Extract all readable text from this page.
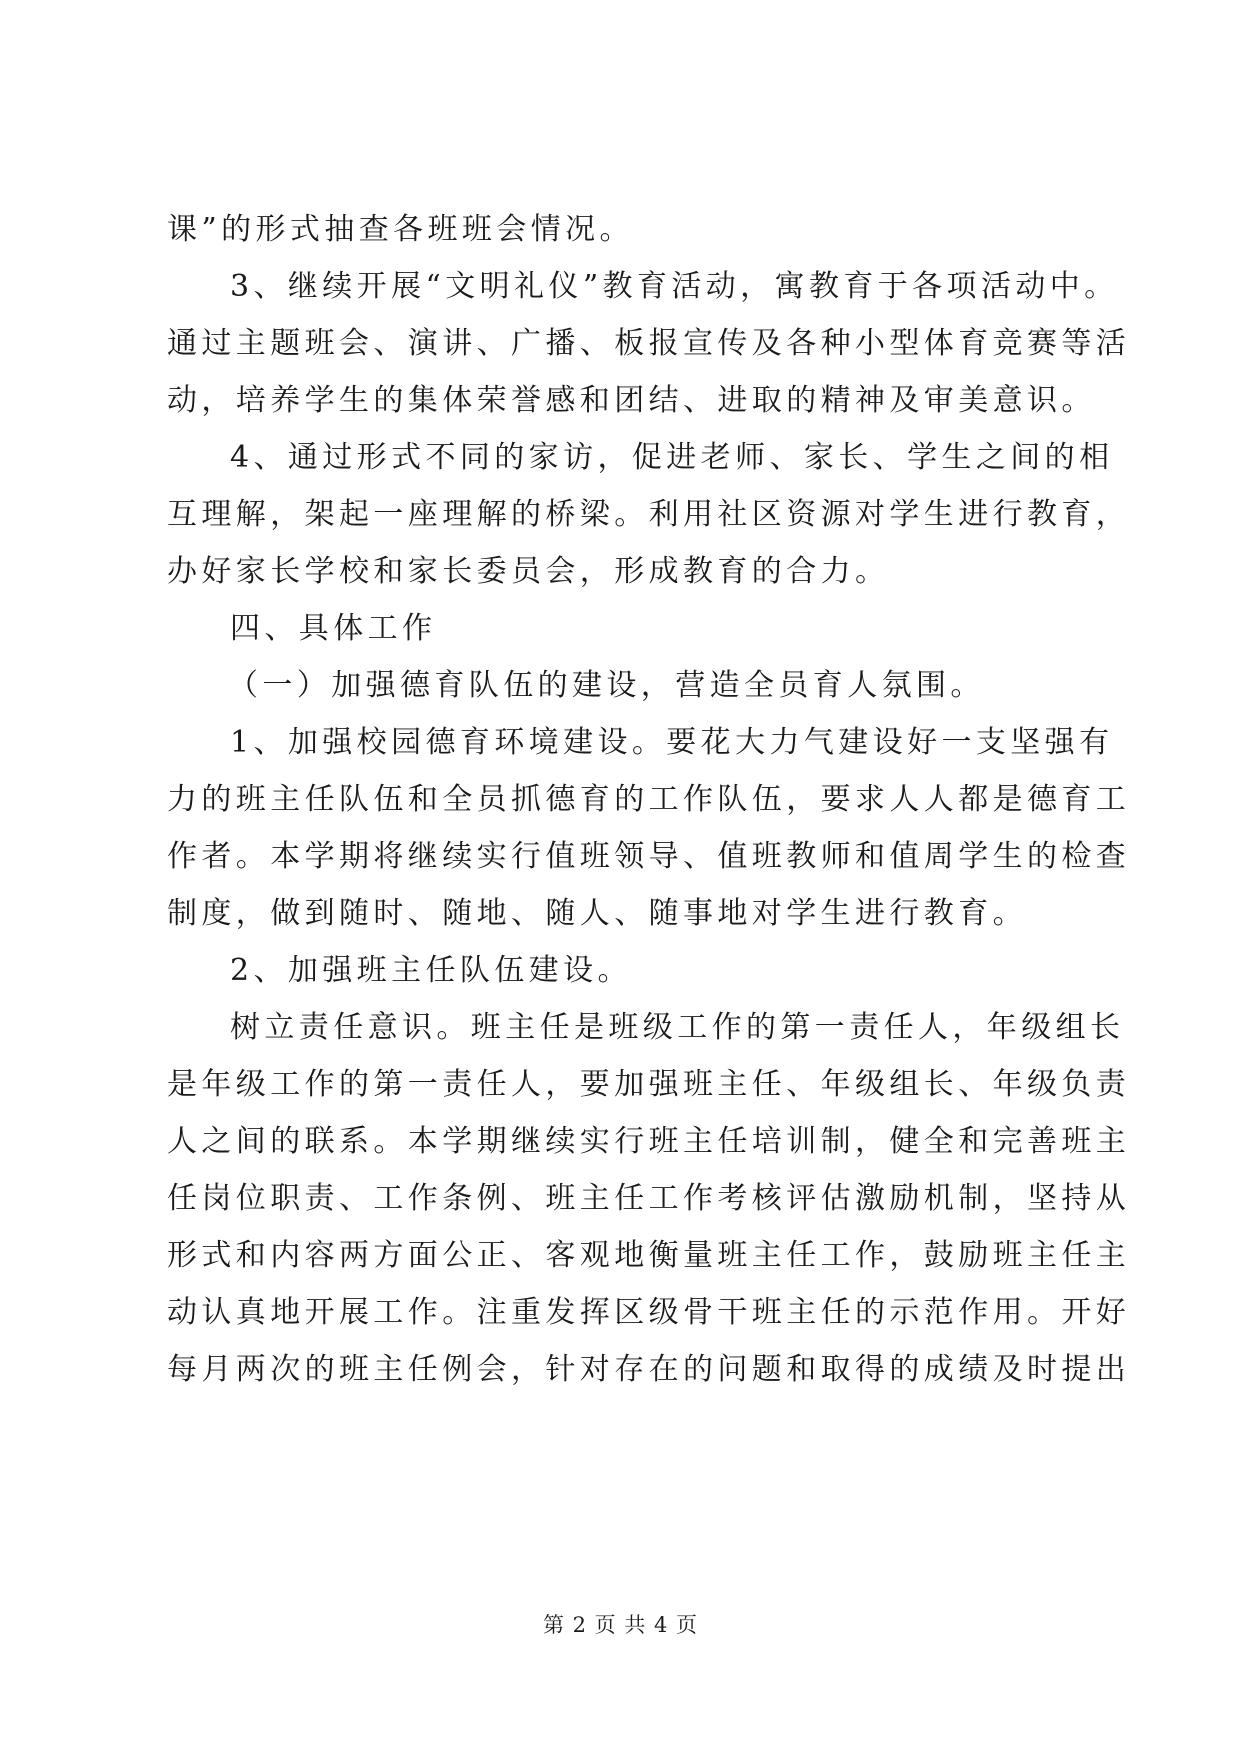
课”的形式抽查各班班会情况。
3、继续开展“文明礼仪”教育活动，寓教育于各项活动中。
通过主题班会、演讲、广播、板报宣传及各种小型体育竞赛等活
动，培养学生的集体荣誉感和团结、进取的精神及审美意识。
4、通过形式不同的家访，促进老师、家长、学生之间的相
互理解，架起一座理解的桥梁。利用社区资源对学生进行教育，
办好家长学校和家长委员会，形成教育的合力。
四、具体工作
（一）加强德育队伍的建设，营造全员育人氛围。
1、加强校园德育环境建设。要花大力气建设好一支坚强有
力的班主任队伍和全员抓德育的工作队伍，要求人人都是德育工
作者。本学期将继续实行值班领导、值班教师和值周学生的检查
制度，做到随时、随地、随人、随事地对学生进行教育。
2、加强班主任队伍建设。
树立责任意识。班主任是班级工作的第一责任人，年级组长
是年级工作的第一责任人，要加强班主任、年级组长、年级负责
人之间的联系。本学期继续实行班主任培训制，健全和完善班主
任岗位职责、工作条例、班主任工作考核评估激励机制，坚持从
形式和内容两方面公正、客观地衡量班主任工作，鼓励班主任主
动认真地开展工作。注重发挥区级骨干班主任的示范作用。开好
每月两次的班主任例会，针对存在的问题和取得的成绩及时提出
第 2 页 共 4 页
